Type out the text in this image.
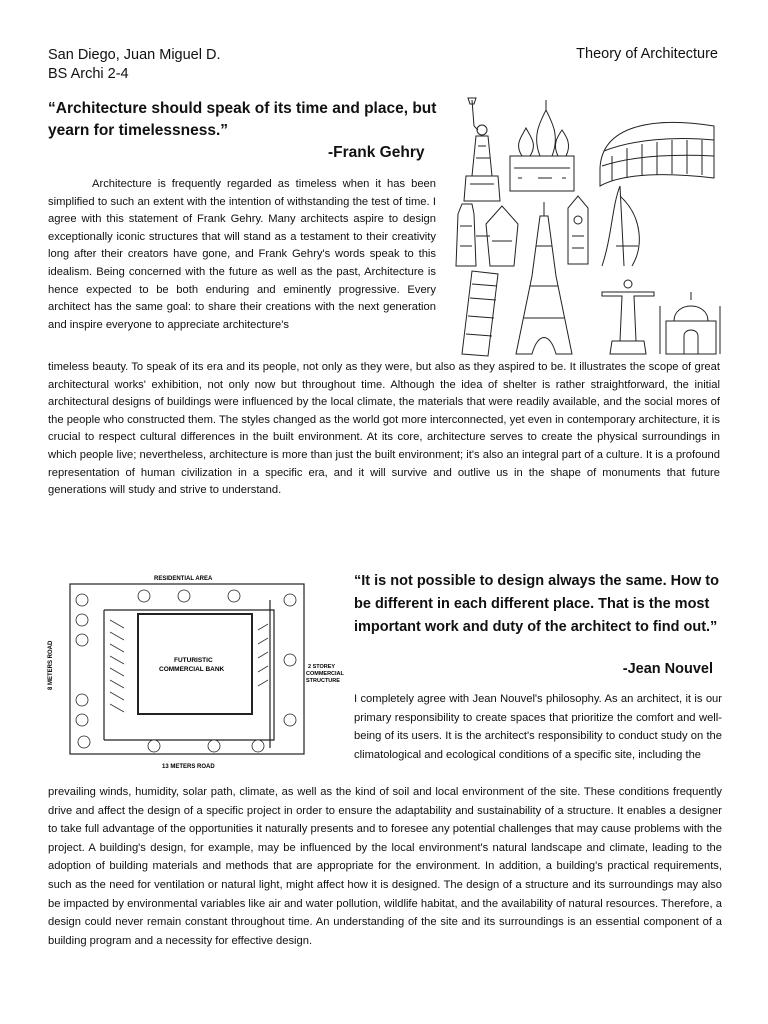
San Diego, Juan Miguel D.
BS Archi 2-4
Theory of Architecture
“Architecture should speak of its time and place, but yearn for timelessness.”
-Frank Gehry

Architecture is frequently regarded as timeless when it has been simplified to such an extent with the intention of withstanding the test of time. I agree with this statement of Frank Gehry. Many architects aspire to design exceptionally iconic structures that will stand as a testament to their creativity long after their creators have gone, and Frank Gehry's words speak to this idealism. Being concerned with the future as well as the past, Architecture is hence expected to be both enduring and eminently progressive. Every architect has the same goal: to share their creations with the next generation and inspire everyone to appreciate architecture's

timeless beauty. To speak of its era and its people, not only as they were, but also as they aspired to be. It illustrates the scope of great architectural works' exhibition, not only now but throughout time. Although the idea of shelter is rather straightforward, the initial architectural designs of buildings were influenced by the local climate, the materials that were readily available, and the social mores of the people who constructed them. The styles changed as the world got more interconnected, yet even in contemporary architecture, it is crucial to respect cultural differences in the built environment. At its core, architecture serves to create the physical surroundings in which people live; nevertheless, architecture is more than just the built environment; it's also an integral part of a culture. It is a profound representation of human civilization in a specific era, and it will survive and outlive us in the shape of monuments that future generations will study and strive to understand.

RESIDENTIAL AREA
8 METERS ROAD
13 METERS ROAD
2 STOREY
COMMERCIAL
STRUCTURE
FUTURISTIC
COMMERCIAL BANK
“It is not possible to design always the same. How to be different in each different place. That is the most important work and duty of the architect to find out.”
-Jean Nouvel

I completely agree with Jean Nouvel's philosophy. As an architect, it is our primary responsibility to create spaces that prioritize the comfort and well-being of its users. It is the architect's responsibility to conduct study on the climatological and ecological conditions of a specific site, including the

prevailing winds, humidity, solar path, climate, as well as the kind of soil and local environment of the site. These conditions frequently drive and affect the design of a specific project in order to ensure the adaptability and sustainability of a structure. It enables a designer to take full advantage of the opportunities it naturally presents and to foresee any potential challenges that may cause problems with the project. A building's design, for example, may be influenced by the local environment's natural landscape and climate, leading to the adoption of building materials and methods that are appropriate for the environment. In addition, a building's practical requirements, such as the need for ventilation or natural light, might affect how it is designed. The design of a structure and its surroundings may also be impacted by environmental variables like air and water pollution, wildlife habitat, and the availability of natural resources. Therefore, a design could never remain constant throughout time. An understanding of the site and its surroundings is an essential component of a building program and a necessity for effective design.
